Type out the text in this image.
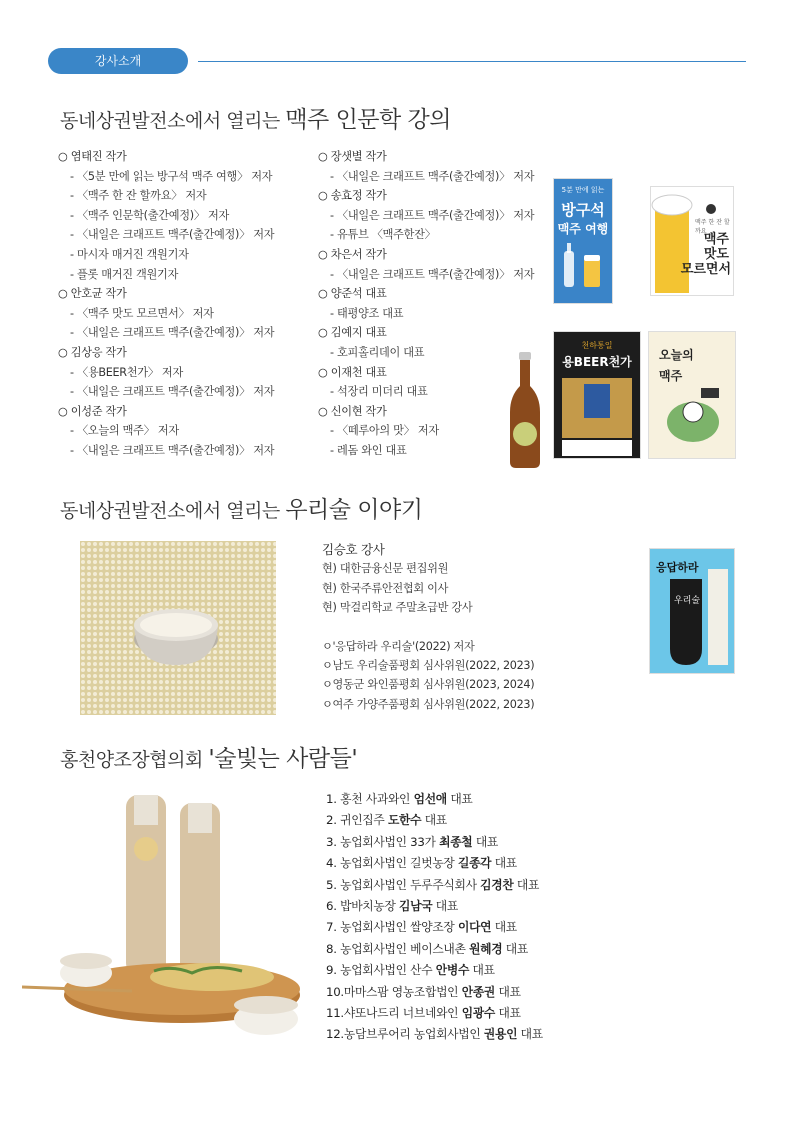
강사소개
동네상권발전소에서 열리는 맥주 인문학 강의
○ 염태진 작가
- 〈5분 만에 읽는 방구석 맥주 여행〉 저자
- 〈맥주 한 잔 할까요〉 저자
- 〈맥주 인문학(출간예정)〉 저자
- 〈내일은 크래프트 맥주(출간예정)〉 저자
- 마시자 매거진 객원기자
- 플롯 매거진 객원기자
○ 안호균 작가
- 〈맥주 맛도 모르면서〉 저자
- 〈내일은 크래프트 맥주(출간예정)〉 저자
○ 김상응 작가
- 〈용BEER천가〉 저자
- 〈내일은 크래프트 맥주(출간예정)〉 저자
○ 이성준 작가
- 〈오늘의 맥주〉 저자
- 〈내일은 크래프트 맥주(출간예정)〉 저자
○ 장샛별 작가
- 〈내일은 크래프트 맥주(출간예정)〉 저자
○ 송효정 작가
- 〈내일은 크래프트 맥주(출간예정)〉 저자
- 유튜브 〈맥주한잔〉
○ 차은서 작가
- 〈내일은 크래프트 맥주(출간예정)〉 저자
○ 양준석 대표
- 태평양조 대표
○ 김예지 대표
- 호피홀리데이 대표
○ 이재천 대표
- 석장리 미더리 대표
○ 신이현 작가
- 〈떼루아의 맛〉 저자
- 레돔 와인 대표
5분 만에 읽는
방구석
맥주 여행	맥주 한 잔 할까요
맥주
맛도
모르면서
천하통일
용BEER천가	오늘의
맥주
동네상권발전소에서 열리는 우리술 이야기
김승호 강사
현) 대한금융신문 편집위원
현) 한국주류안전협회 이사
현) 막걸리학교 주말초급반 강사
ㅇ'응답하라 우리술'(2022) 저자
ㅇ남도 우리술품평회 심사위원(2022, 2023)
ㅇ영동군 와인품평회 심사위원(2023, 2024)
ㅇ여주 가양주품평회 심사위원(2022, 2023)
응답하라
우리술
홍천양조장협의회 '술빛는 사람들'
1. 홍천 사과와인 엄선애 대표
2. 귀인집주 도한수 대표
3. 농업회사법인 33가 최종철 대표
4. 농업회사법인 길벗농장 길종각 대표
5. 농업회사법인 두루주식회사 김경찬 대표
6. 밥바치농장 김남국 대표
7. 농업회사법인 쌀양조장 이다연 대표
8. 농업회사법인 베이스내촌 원혜경 대표
9. 농업회사법인 산수 안병수 대표
10.마마스팜 영농조합법인 안종권 대표
11.샤또나드리 너브네와인 임광수 대표
12.농담브루어리 농업회사법인 권용인 대표
